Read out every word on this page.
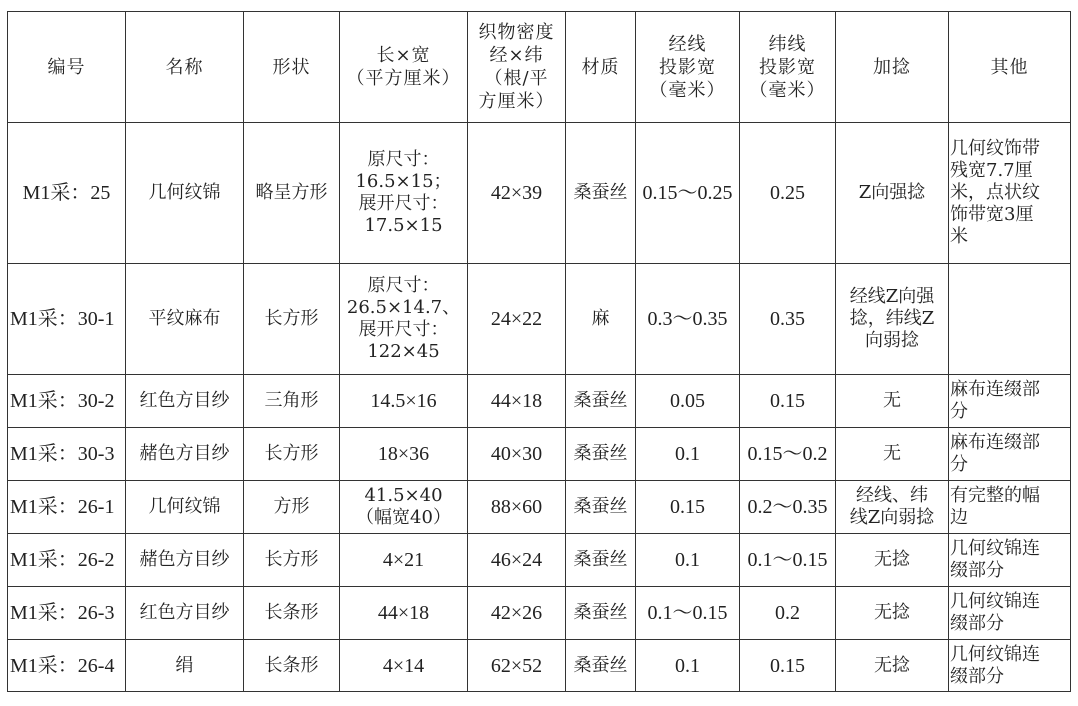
编号	名称	形状	长×宽
（平方厘米）	织物密度
经×纬
（根/平
方厘米）	材质	经线
投影宽
（毫米）	纬线
投影宽
（毫米）	加捻	其他
M1采：25	几何纹锦	略呈方形	原尺寸：
16.5×15；
展开尺寸：
17.5×15	42×39	桑蚕丝	0.15～0.25	0.25	Z向强捻	几何纹饰带
残宽7.7厘
米，点状纹
饰带宽3厘
米
M1采：30-1	平纹麻布	长方形	原尺寸：
26.5×14.7、
展开尺寸：
122×45	24×22	麻	0.3～0.35	0.35	经线Z向强
捻，纬线Z
向弱捻	
M1采：30-2	红色方目纱	三角形	14.5×16	44×18	桑蚕丝	0.05	0.15	无	麻布连缀部
分
M1采：30-3	赭色方目纱	长方形	18×36	40×30	桑蚕丝	0.1	0.15～0.2	无	麻布连缀部
分
M1采：26-1	几何纹锦	方形	41.5×40
（幅宽40）	88×60	桑蚕丝	0.15	0.2～0.35	经线、纬
线Z向弱捻	有完整的幅
边
M1采：26-2	赭色方目纱	长方形	4×21	46×24	桑蚕丝	0.1	0.1～0.15	无捻	几何纹锦连
缀部分
M1采：26-3	红色方目纱	长条形	44×18	42×26	桑蚕丝	0.1～0.15	0.2	无捻	几何纹锦连
缀部分
M1采：26-4	绢	长条形	4×14	62×52	桑蚕丝	0.1	0.15	无捻	几何纹锦连
缀部分
